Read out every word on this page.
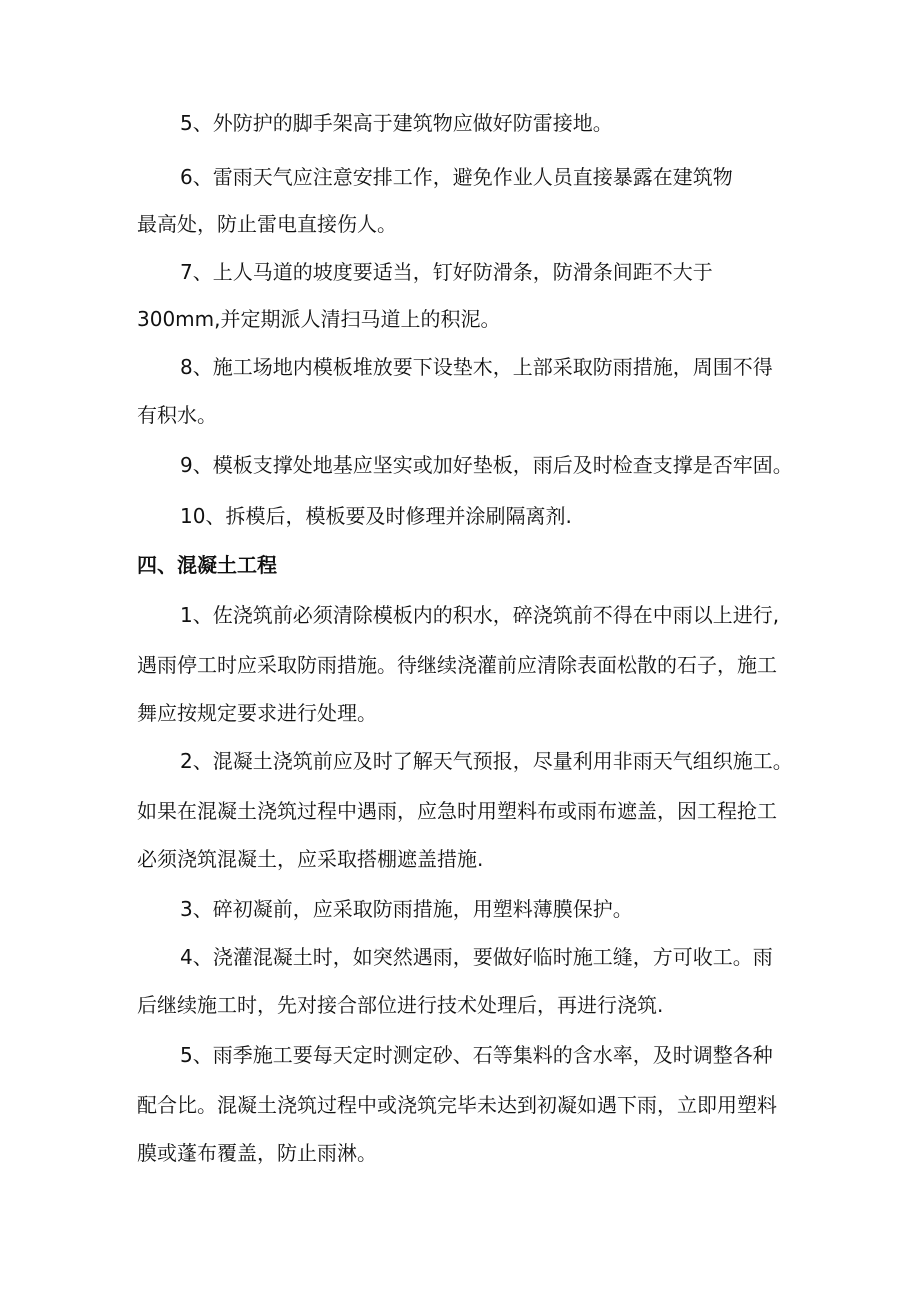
5、外防护的脚手架高于建筑物应做好防雷接地。
6、雷雨天气应注意安排工作，避免作业人员直接暴露在建筑物
最高处，防止雷电直接伤人。
7、上人马道的坡度要适当，钉好防滑条，防滑条间距不大于
300mm,并定期派人清扫马道上的积泥。
8、施工场地内模板堆放要下设垫木，上部采取防雨措施，周围不得
有积水。
9、模板支撑处地基应坚实或加好垫板，雨后及时检查支撑是否牢固。
10、拆模后，模板要及时修理并涂刷隔离剂.
四、混凝土工程
1、佐浇筑前必须清除模板内的积水，碎浇筑前不得在中雨以上进行,
遇雨停工时应采取防雨措施。待继续浇灌前应清除表面松散的石子，施工
舞应按规定要求进行处理。
2、混凝土浇筑前应及时了解天气预报，尽量利用非雨天气组织施工。
如果在混凝土浇筑过程中遇雨，应急时用塑料布或雨布遮盖，因工程抢工
必须浇筑混凝土，应采取搭棚遮盖措施.
3、碎初凝前，应采取防雨措施，用塑料薄膜保护。
4、浇灌混凝土时，如突然遇雨，要做好临时施工缝，方可收工。雨
后继续施工时，先对接合部位进行技术处理后，再进行浇筑.
5、雨季施工要每天定时测定砂、石等集料的含水率，及时调整各种
配合比。混凝土浇筑过程中或浇筑完毕未达到初凝如遇下雨，立即用塑料
膜或蓬布覆盖，防止雨淋。
